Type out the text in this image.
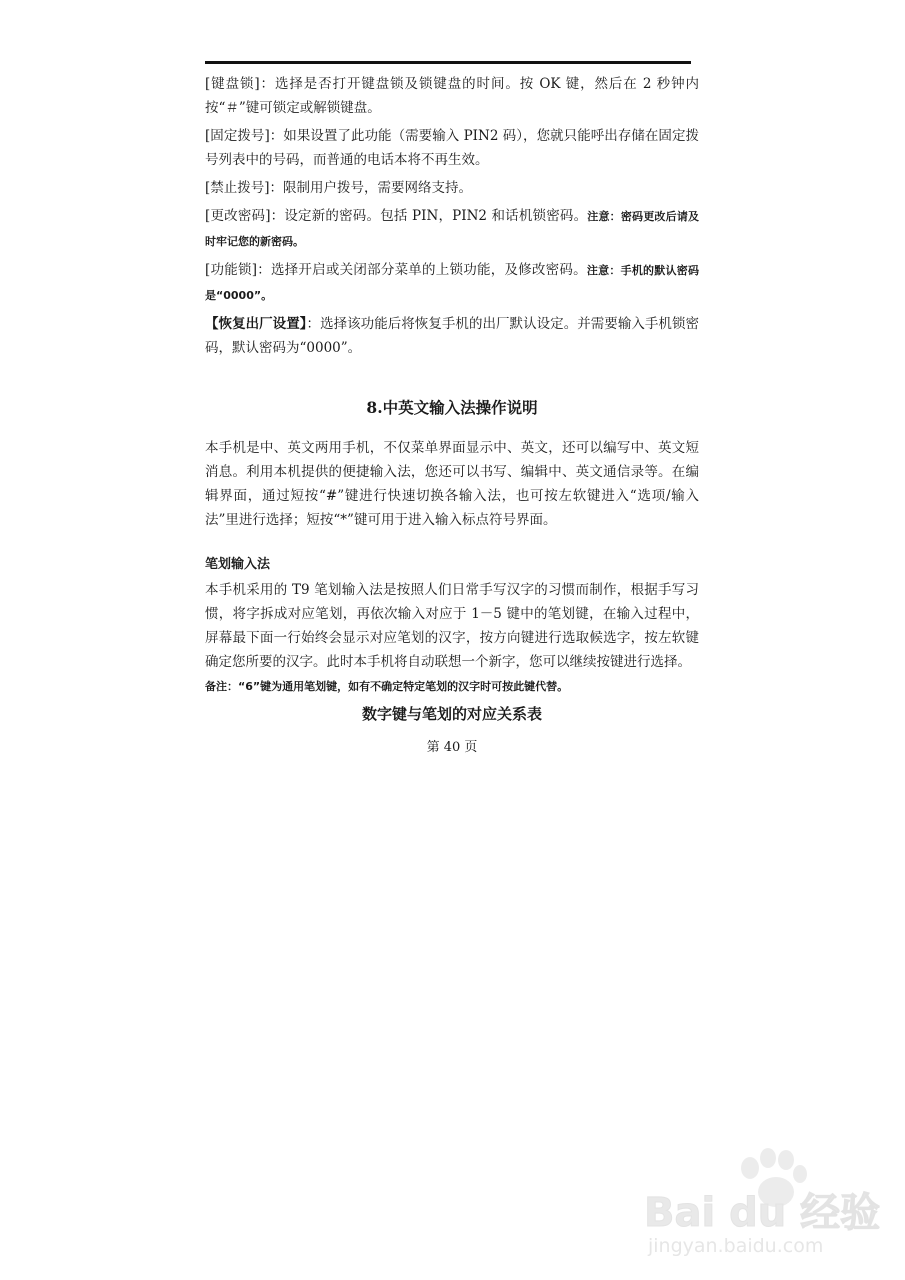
[键盘锁]：选择是否打开键盘锁及锁键盘的时间。按 OK 键，然后在 2 秒钟内按“＃”键可锁定或解锁键盘。

[固定拨号]：如果设置了此功能（需要输入 PIN2 码），您就只能呼出存储在固定拨号列表中的号码，而普通的电话本将不再生效。

[禁止拨号]：限制用户拨号，需要网络支持。

[更改密码]：设定新的密码。包括 PIN，PIN2 和话机锁密码。注意：密码更改后请及时牢记您的新密码。

[功能锁]：选择开启或关闭部分菜单的上锁功能，及修改密码。注意：手机的默认密码是“0000”。

【恢复出厂设置】：选择该功能后将恢复手机的出厂默认设定。并需要输入手机锁密码，默认密码为“0000”。

8.中英文输入法操作说明

本手机是中、英文两用手机，不仅菜单界面显示中、英文，还可以编写中、英文短消息。利用本机提供的便捷输入法，您还可以书写、编辑中、英文通信录等。在编辑界面，通过短按“#”键进行快速切换各输入法，也可按左软键进入“选项/输入法”里进行选择；短按“*”键可用于进入输入标点符号界面。

笔划输入法

本手机采用的 T9 笔划输入法是按照人们日常手写汉字的习惯而制作，根据手写习惯，将字拆成对应笔划，再依次输入对应于 1－5 键中的笔划键，在输入过程中，屏幕最下面一行始终会显示对应笔划的汉字，按方向键进行选取候选字，按左软键确定您所要的汉字。此时本手机将自动联想一个新字，您可以继续按键进行选择。

备注：“6”键为通用笔划键，如有不确定特定笔划的汉字时可按此键代替。

数字键与笔划的对应关系表

第 40 页

Bai du 经验
jingyan.baidu.com
